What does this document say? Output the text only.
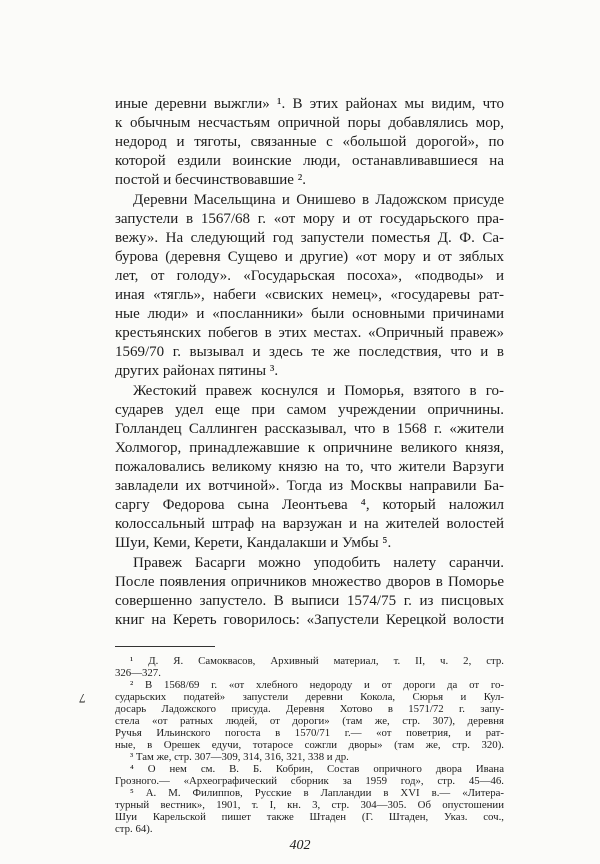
иные деревни выжгли» ¹. В этих районах мы видим, что
к обычным несчастьям опричной поры добавлялись мор,
недород и тяготы, связанные с «большой дорогой», по
которой ездили воинские люди, останавливавшиеся на
постой и бесчинствовавшие ².
Деревни Масельщина и Онишево в Ладожском присуде
запустели в 1567/68 г. «от мору и от государьского пра-
вежу». На следующий год запустели поместья Д. Ф. Са-
бурова (деревня Сущево и другие) «от мору и от зяблых
лет, от голоду». «Государьская посоха», «подводы» и
иная «тягль», набеги «свиских немец», «государевы рат-
ные люди» и «посланники» были основными причинами
крестьянских побегов в этих местах. «Опричный правеж»
1569/70 г. вызывал и здесь те же последствия, что и в
других районах пятины ³.
Жестокий правеж коснулся и Поморья, взятого в го-
сударев удел еще при самом учреждении опричнины.
Голландец Саллинген рассказывал, что в 1568 г. «жители
Холмогор, принадлежавшие к опричнине великого князя,
пожаловались великому князю на то, что жители Варзуги
завладели их вотчиной». Тогда из Москвы направили Ба-
саргу Федорова сына Леонтьева ⁴, который наложил
колоссальный штраф на варзужан и на жителей волостей
Шуи, Кеми, Керети, Кандалакши и Умбы ⁵.
Правеж Басарги можно уподобить налету саранчи.
После появления опричников множество дворов в Поморье
совершенно запустело. В выписи 1574/75 г. из писцовых
книг на Кереть говорилось: «Запустели Керецкой волости
7
¹ Д. Я. Самоквасов, Архивный материал, т. II, ч. 2, стр.
326—327.
² В 1568/69 г. «от хлебного недороду и от дороги да от го-
сударьских податей» запустели деревни Кокола, Сюрья и Кул-
досарь Ладожского присуда. Деревня Хотово в 1571/72 г. запу-
стела «от ратных людей, от дороги» (там же, стр. 307), деревня
Ручья Ильинского погоста в 1570/71 г.— «от поветрия, и рат-
ные, в Орешек едучи, тотаросе сожгли дворы» (там же, стр. 320).
³ Там же, стр. 307—309, 314, 316, 321, 338 и др.
⁴ О нем см. В. Б. Кобрин, Состав опричного двора Ивана
Грозного.— «Археографический сборник за 1959 год», стр. 45—46.
⁵ А. М. Филиппов, Русские в Лапландии в XVI в.— «Литера-
турный вестник», 1901, т. I, кн. 3, стр. 304—305. Об опустошении
Шуи Карельской пишет также Штаден (Г. Штаден, Указ. соч.,
стр. 64).
402
